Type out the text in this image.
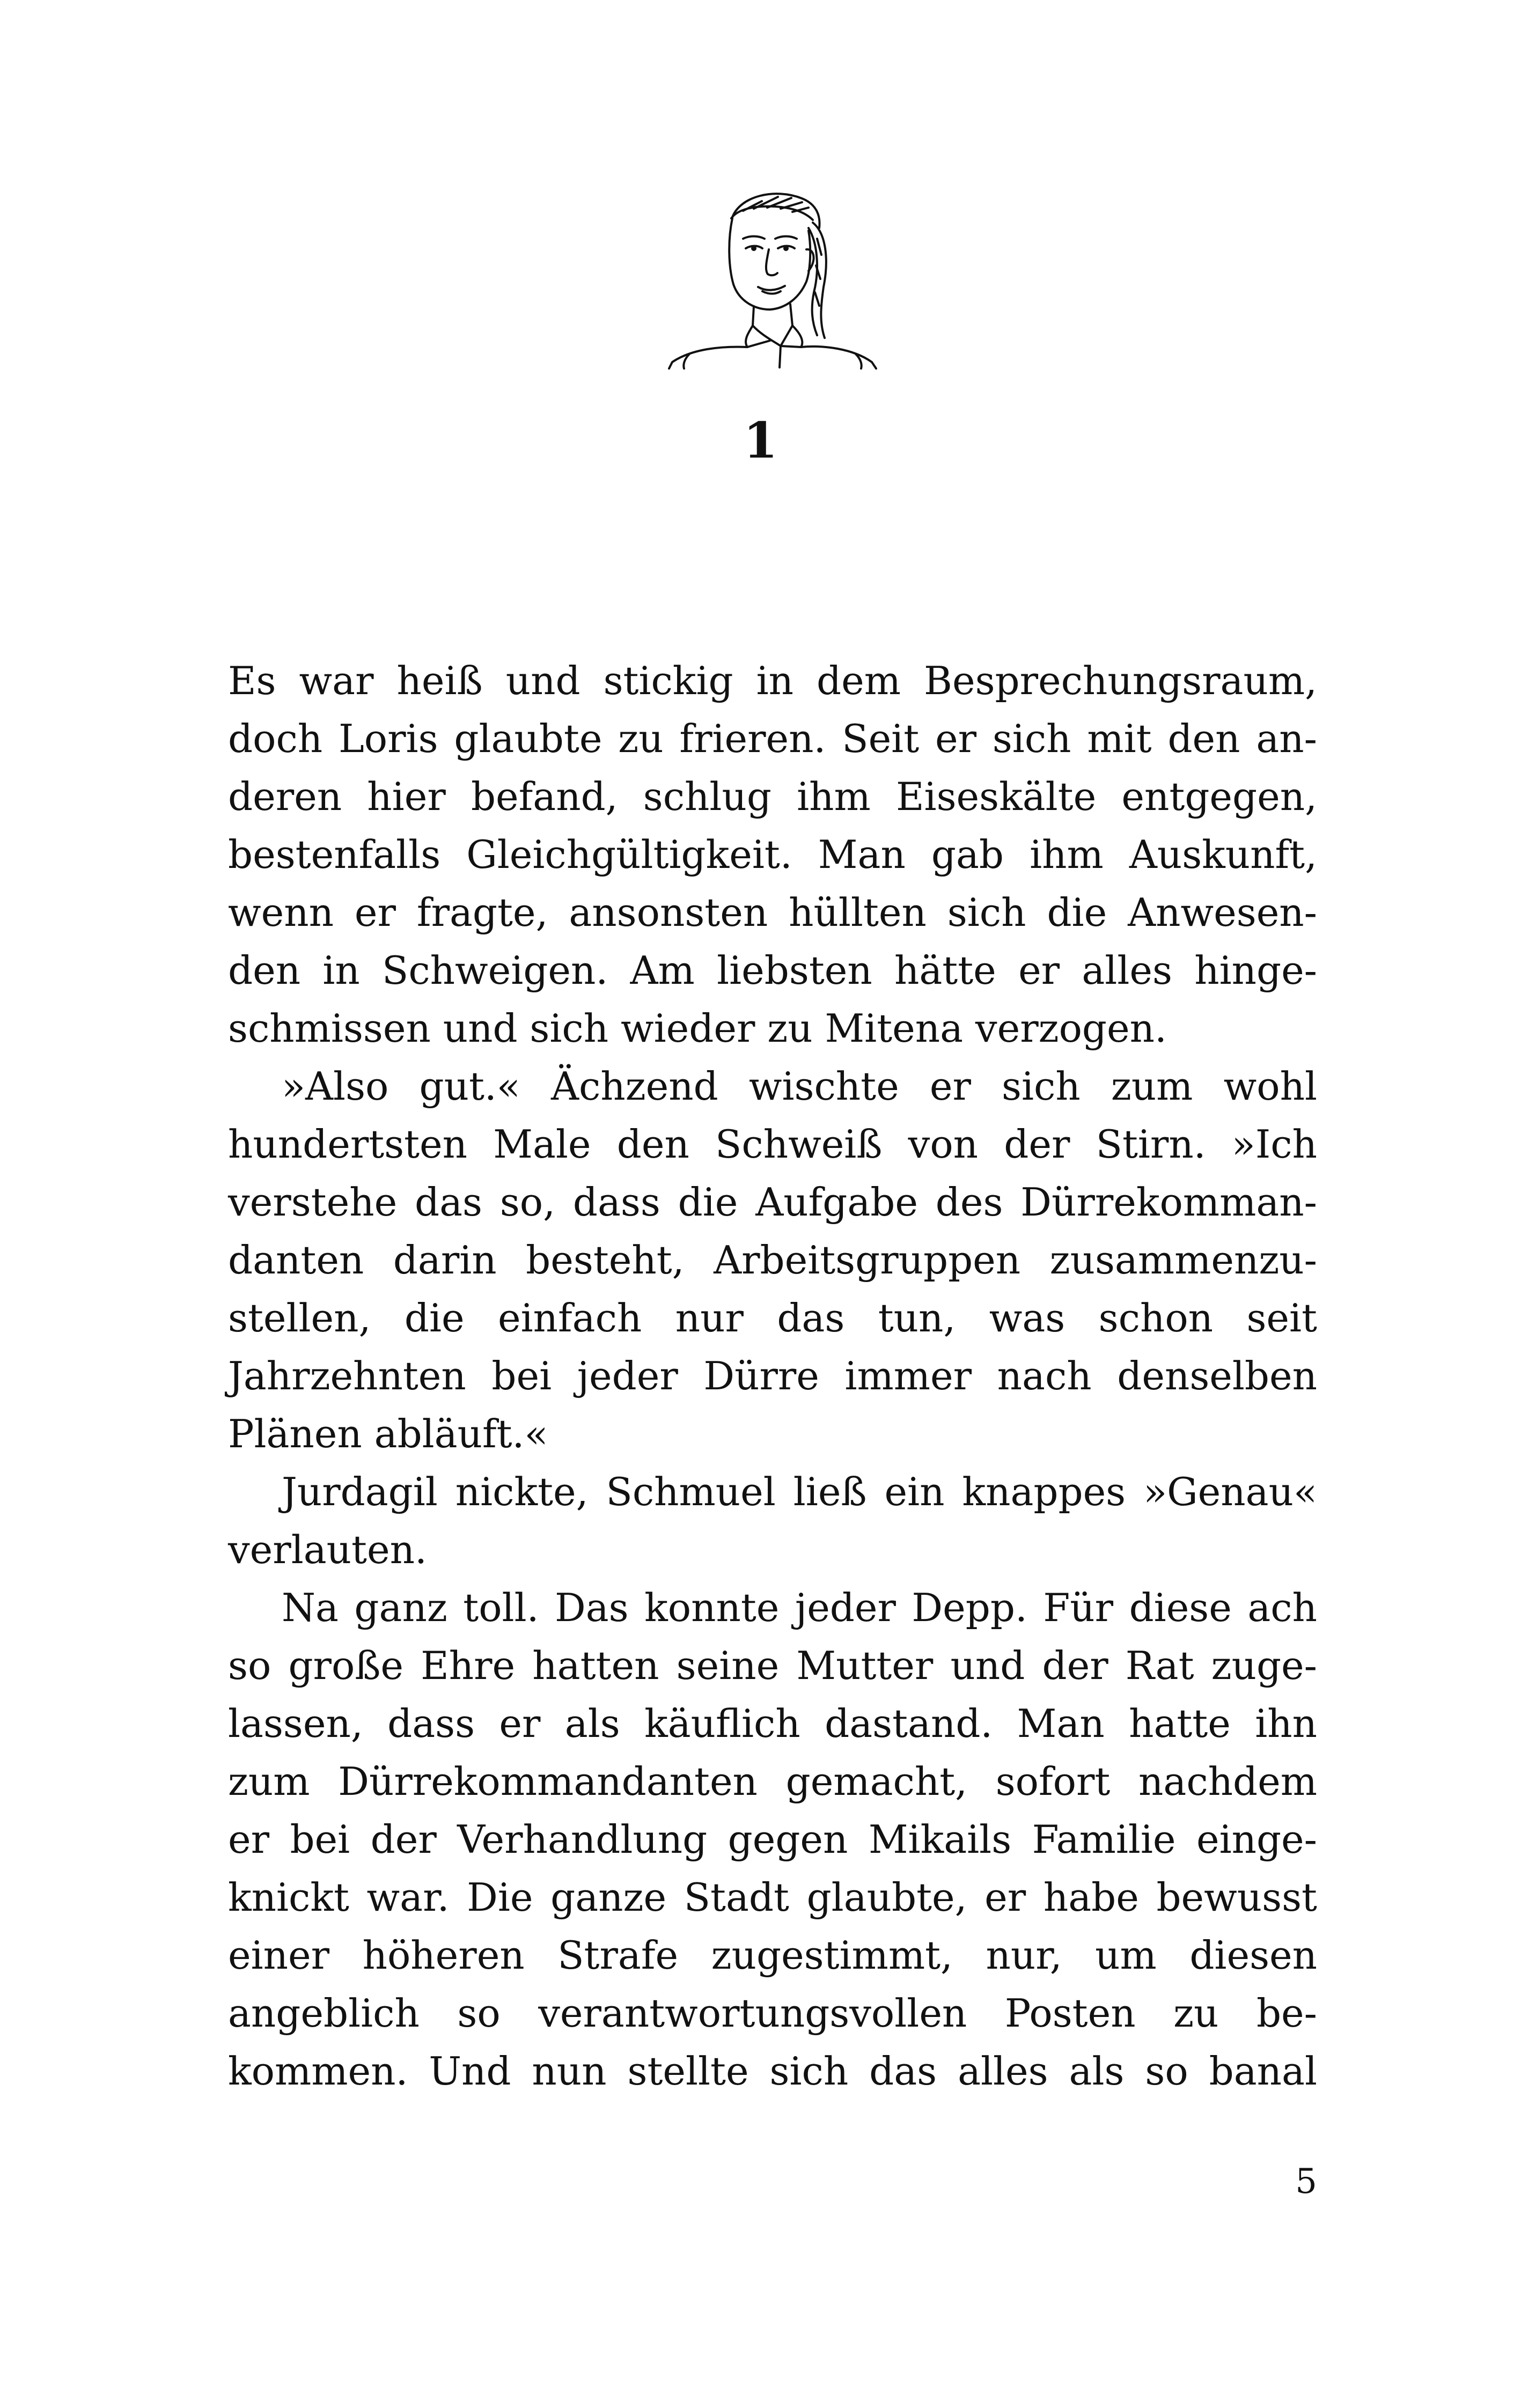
1
Es war heiß und stickig in dem Besprechungsraum,
doch Loris glaubte zu frieren. Seit er sich mit den an-
deren hier befand, schlug ihm Eiseskälte entgegen,
bestenfalls Gleichgültigkeit. Man gab ihm Auskunft,
wenn er fragte, ansonsten hüllten sich die Anwesen-
den in Schweigen. Am liebsten hätte er alles hinge-
schmissen und sich wieder zu Mitena verzogen.
»Also gut.« Ächzend wischte er sich zum wohl
hundertsten Male den Schweiß von der Stirn. »Ich
verstehe das so, dass die Aufgabe des Dürrekomman-
danten darin besteht, Arbeitsgruppen zusammenzu-
stellen, die einfach nur das tun, was schon seit
Jahrzehnten bei jeder Dürre immer nach denselben
Plänen abläuft.«
Jurdagil nickte, Schmuel ließ ein knappes »Genau«
verlauten.
Na ganz toll. Das konnte jeder Depp. Für diese ach
so große Ehre hatten seine Mutter und der Rat zuge-
lassen, dass er als käuflich dastand. Man hatte ihn
zum Dürrekommandanten gemacht, sofort nachdem
er bei der Verhandlung gegen Mikails Familie einge-
knickt war. Die ganze Stadt glaubte, er habe bewusst
einer höheren Strafe zugestimmt, nur, um diesen
angeblich so verantwortungsvollen Posten zu be-
kommen. Und nun stellte sich das alles als so banal
5
